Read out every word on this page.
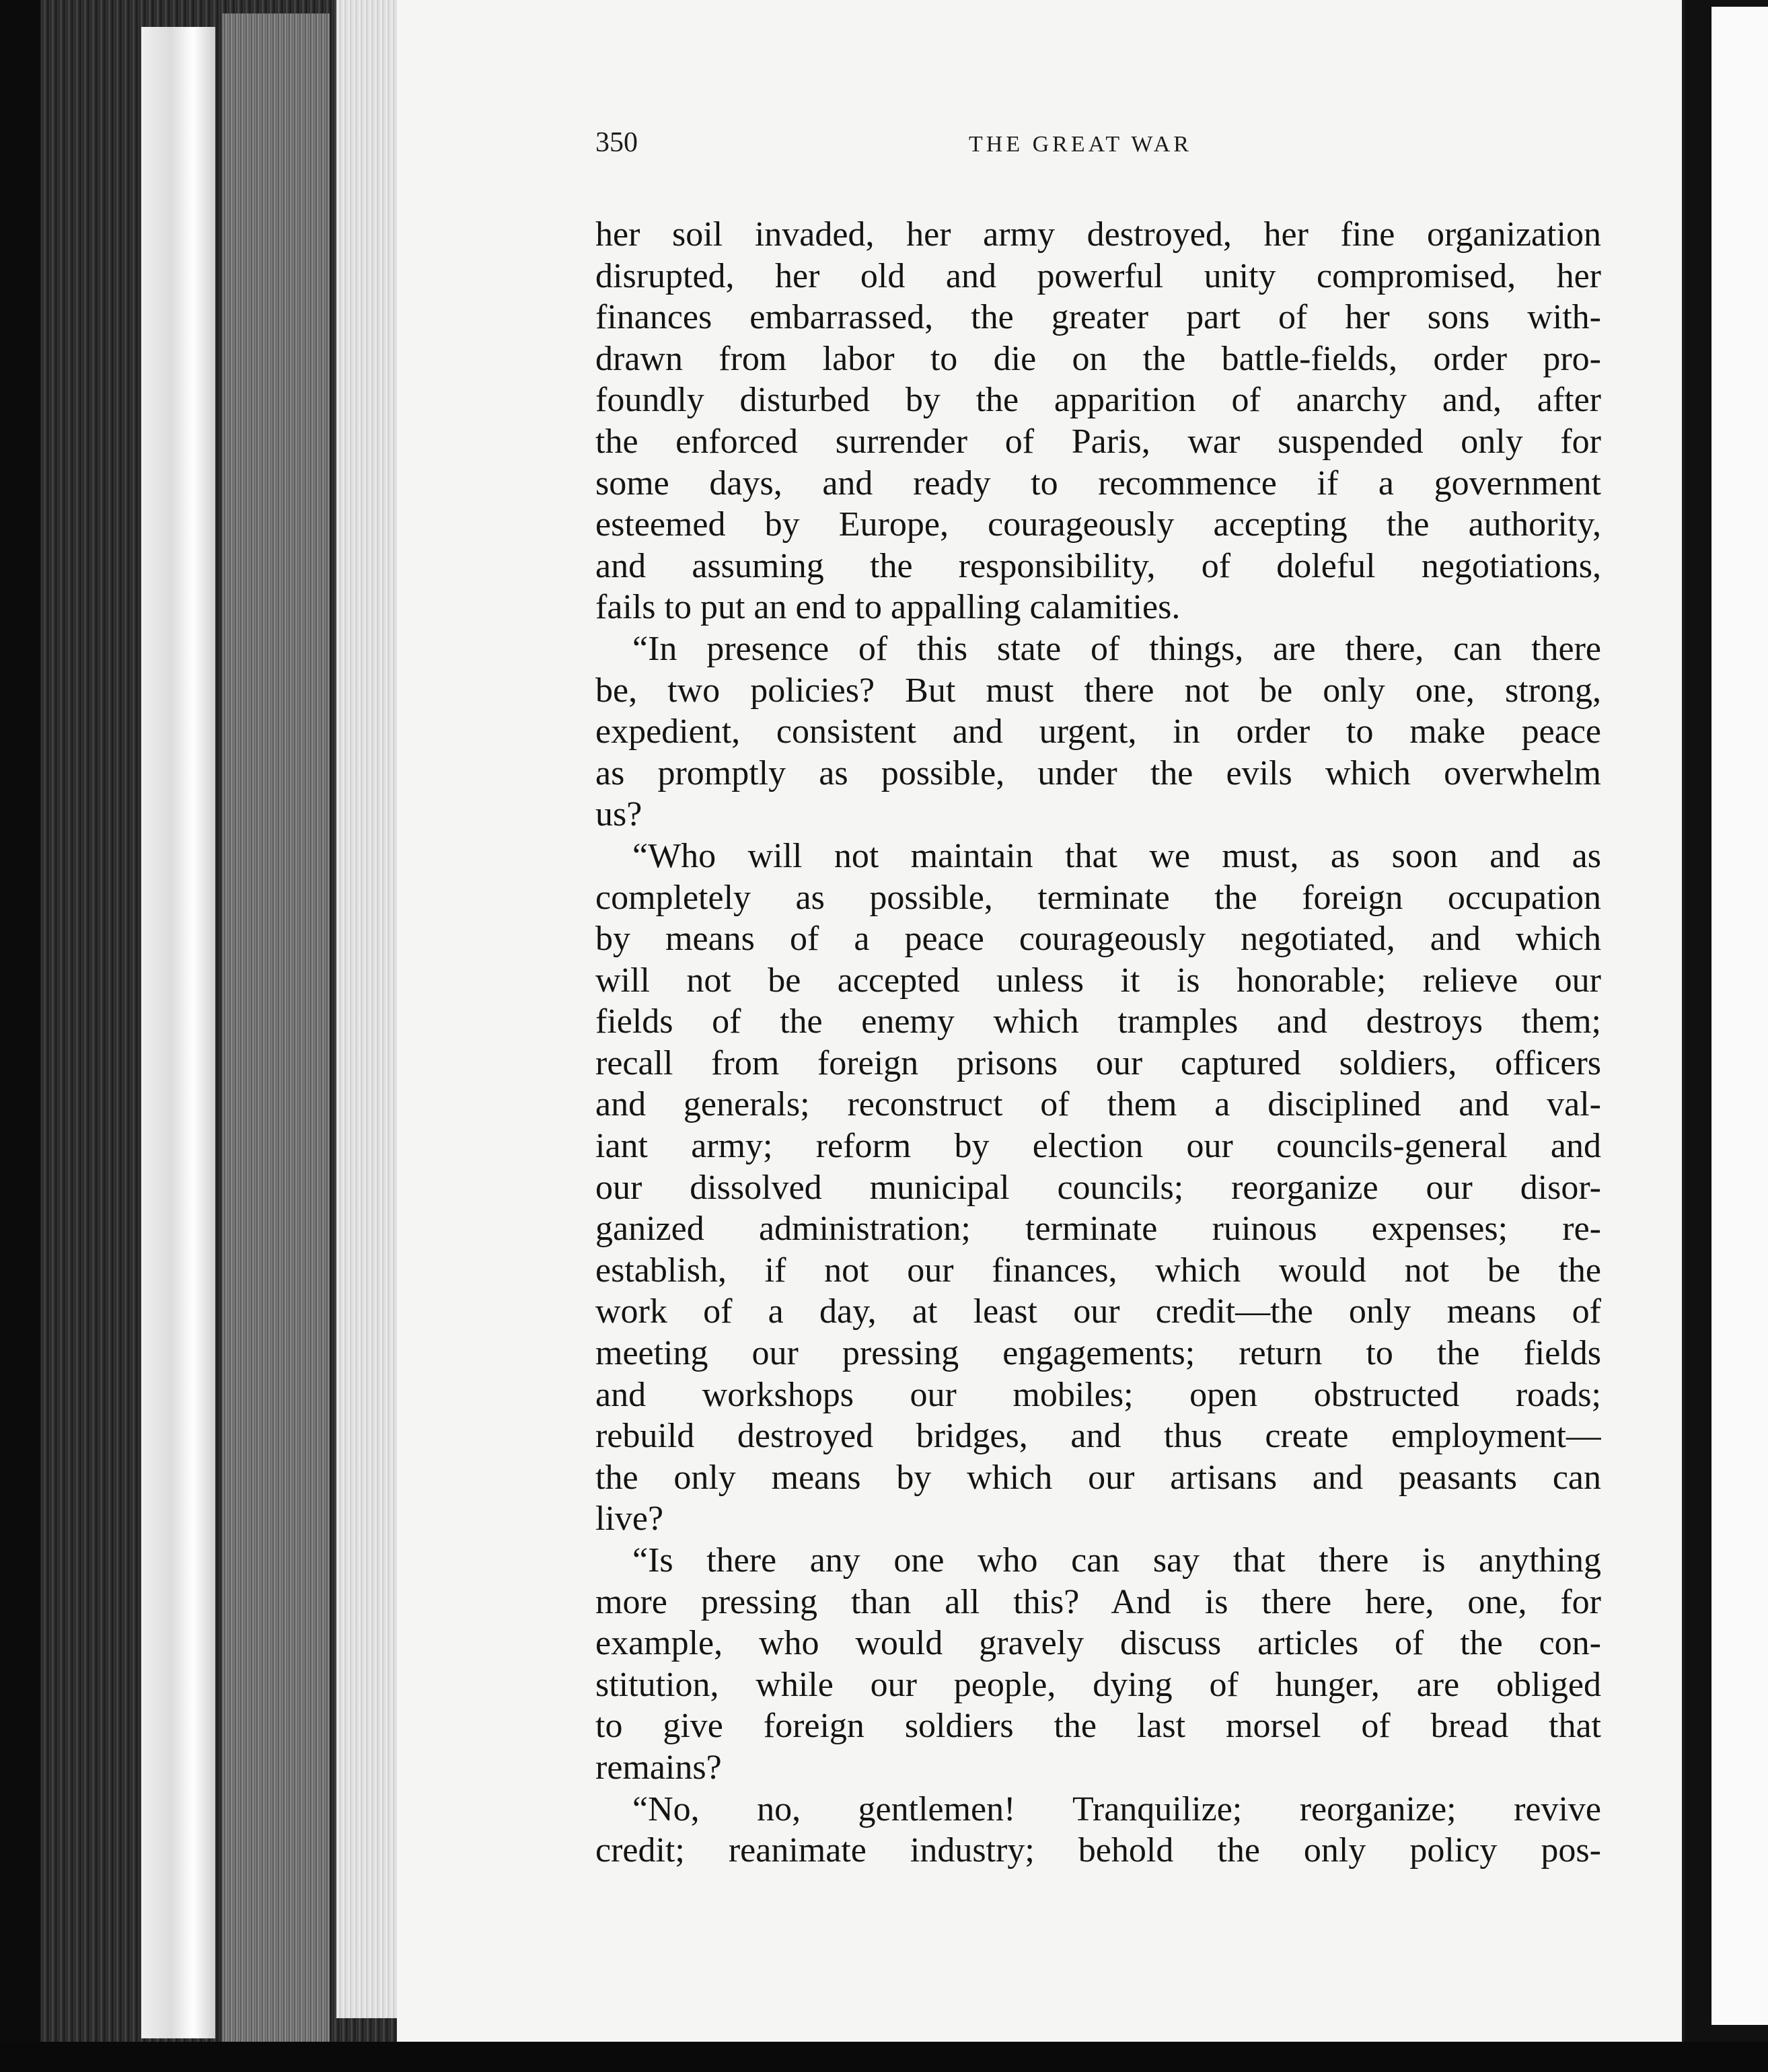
350	THE GREAT WAR
her soil invaded, her army destroyed, her fine organization
disrupted, her old and powerful unity compromised, her
finances embarrassed, the greater part of her sons with-
drawn from labor to die on the battle-fields, order pro-
foundly disturbed by the apparition of anarchy and, after
the enforced surrender of Paris, war suspended only for
some days, and ready to recommence if a government
esteemed by Europe, courageously accepting the authority,
and assuming the responsibility, of doleful negotiations,
fails to put an end to appalling calamities.
“In presence of this state of things, are there, can there
be, two policies? But must there not be only one, strong,
expedient, consistent and urgent, in order to make peace
as promptly as possible, under the evils which overwhelm
us?
“Who will not maintain that we must, as soon and as
completely as possible, terminate the foreign occupation
by means of a peace courageously negotiated, and which
will not be accepted unless it is honorable; relieve our
fields of the enemy which tramples and destroys them;
recall from foreign prisons our captured soldiers, officers
and generals; reconstruct of them a disciplined and val-
iant army; reform by election our councils-general and
our dissolved municipal councils; reorganize our disor-
ganized administration; terminate ruinous expenses; re-
establish, if not our finances, which would not be the
work of a day, at least our credit—the only means of
meeting our pressing engagements; return to the fields
and workshops our mobiles; open obstructed roads;
rebuild destroyed bridges, and thus create employment—
the only means by which our artisans and peasants can
live?
“Is there any one who can say that there is anything
more pressing than all this? And is there here, one, for
example, who would gravely discuss articles of the con-
stitution, while our people, dying of hunger, are obliged
to give foreign soldiers the last morsel of bread that
remains?
“No, no, gentlemen! Tranquilize; reorganize; revive
credit; reanimate industry; behold the only policy pos-
